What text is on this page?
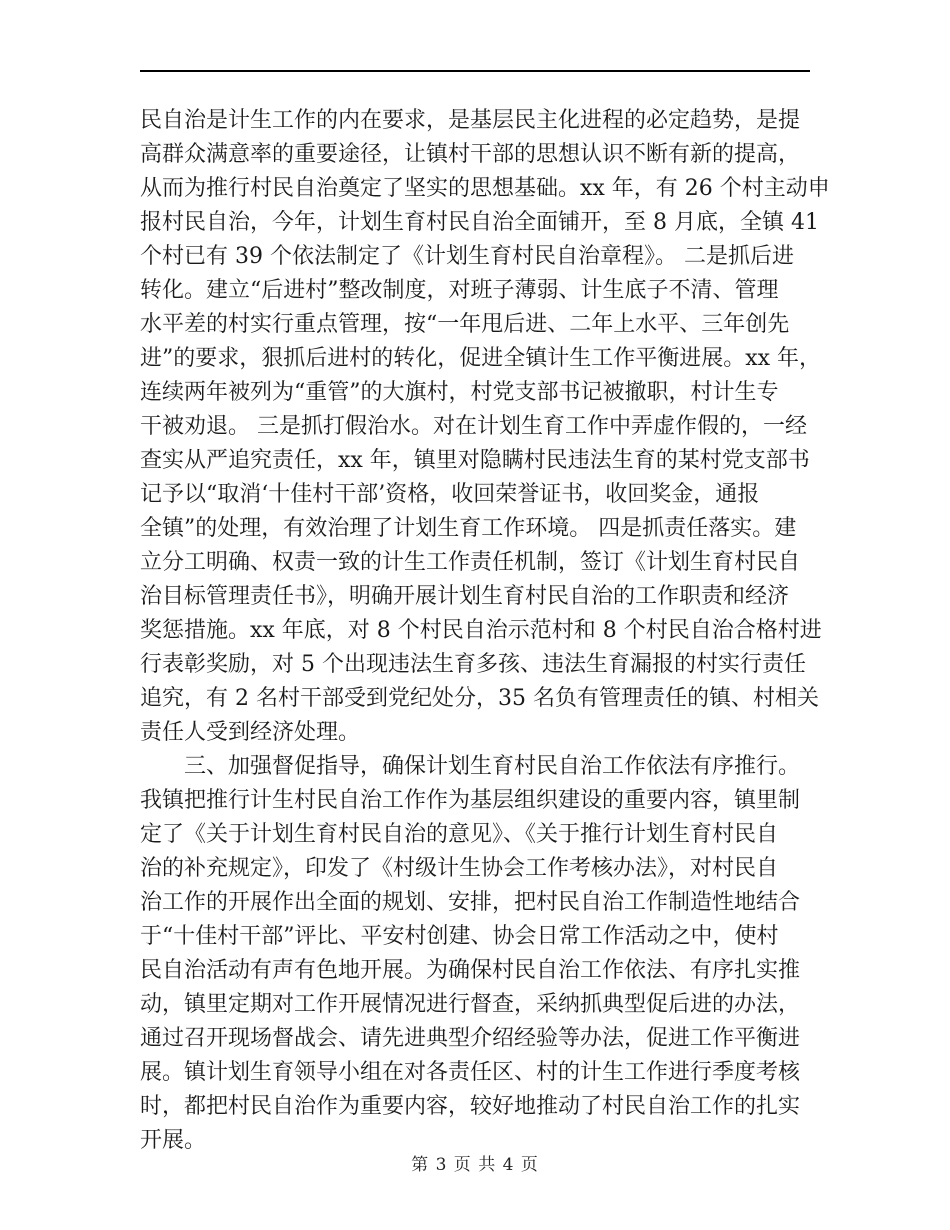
民自治是计生工作的内在要求，是基层民主化进程的必定趋势，是提
高群众满意率的重要途径，让镇村干部的思想认识不断有新的提高，
从而为推行村民自治奠定了坚实的思想基础。xx 年，有 26 个村主动申
报村民自治，今年，计划生育村民自治全面铺开，至 8 月底，全镇 41
个村已有 39 个依法制定了《计划生育村民自治章程》。 二是抓后进
转化。建立“后进村”整改制度，对班子薄弱、计生底子不清、管理
水平差的村实行重点管理，按“一年甩后进、二年上水平、三年创先
进”的要求，狠抓后进村的转化，促进全镇计生工作平衡进展。xx 年，
连续两年被列为“重管”的大旗村，村党支部书记被撤职，村计生专
干被劝退。 三是抓打假治水。对在计划生育工作中弄虚作假的，一经
查实从严追究责任，xx 年，镇里对隐瞒村民违法生育的某村党支部书
记予以“取消‘十佳村干部’资格，收回荣誉证书，收回奖金，通报
全镇”的处理，有效治理了计划生育工作环境。 四是抓责任落实。建
立分工明确、权责一致的计生工作责任机制，签订《计划生育村民自
治目标管理责任书》，明确开展计划生育村民自治的工作职责和经济
奖惩措施。xx 年底，对 8 个村民自治示范村和 8 个村民自治合格村进
行表彰奖励，对 5 个出现违法生育多孩、违法生育漏报的村实行责任
追究，有 2 名村干部受到党纪处分，35 名负有管理责任的镇、村相关
责任人受到经济处理。
三、加强督促指导，确保计划生育村民自治工作依法有序推行。
我镇把推行计生村民自治工作作为基层组织建设的重要内容，镇里制
定了《关于计划生育村民自治的意见》、《关于推行计划生育村民自
治的补充规定》，印发了《村级计生协会工作考核办法》，对村民自
治工作的开展作出全面的规划、安排，把村民自治工作制造性地结合
于“十佳村干部”评比、平安村创建、协会日常工作活动之中，使村
民自治活动有声有色地开展。为确保村民自治工作依法、有序扎实推
动，镇里定期对工作开展情况进行督查，采纳抓典型促后进的办法，
通过召开现场督战会、请先进典型介绍经验等办法，促进工作平衡进
展。镇计划生育领导小组在对各责任区、村的计生工作进行季度考核
时，都把村民自治作为重要内容，较好地推动了村民自治工作的扎实
开展。
第 3 页 共 4 页
